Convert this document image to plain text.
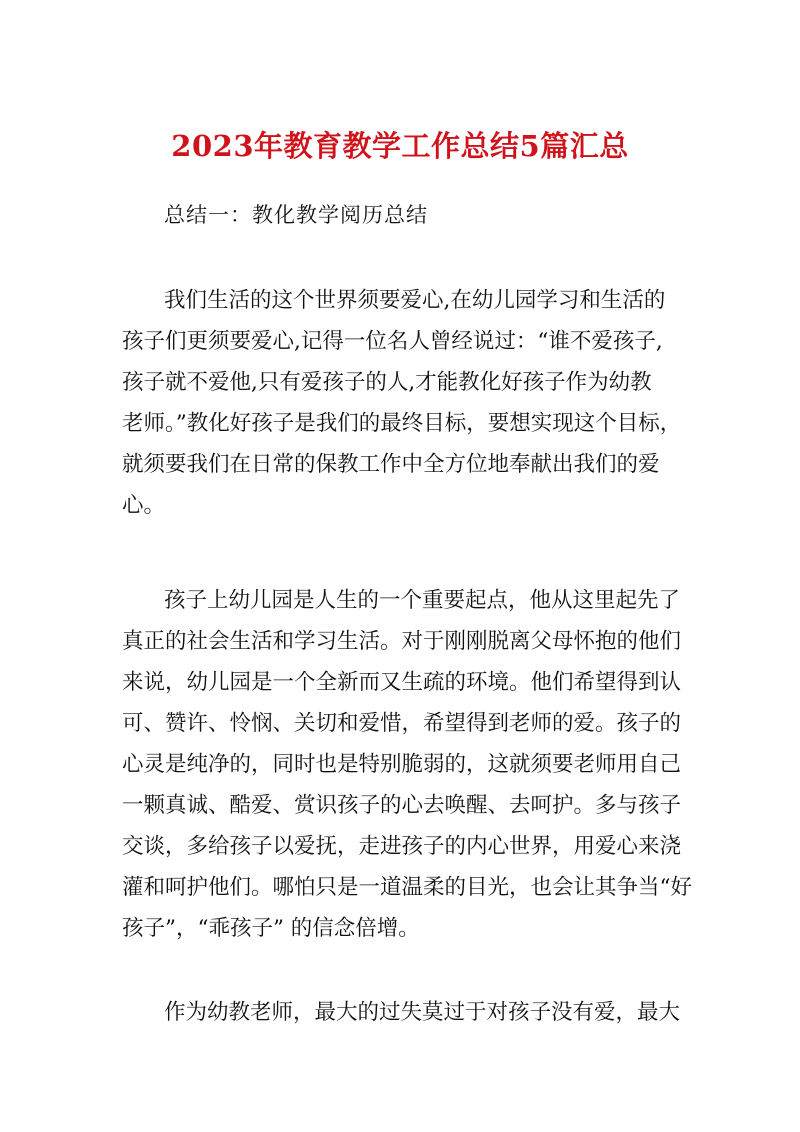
2023年教育教学工作总结5篇汇总
总结一：教化教学阅历总结
我们生活的这个世界须要爱心,在幼儿园学习和生活的
孩子们更须要爱心,记得一位名人曾经说过：“谁不爱孩子,
孩子就不爱他,只有爱孩子的人,才能教化好孩子作为幼教
老师。”教化好孩子是我们的最终目标，要想实现这个目标，
就须要我们在日常的保教工作中全方位地奉献出我们的爱
心。
孩子上幼儿园是人生的一个重要起点，他从这里起先了
真正的社会生活和学习生活。对于刚刚脱离父母怀抱的他们
来说，幼儿园是一个全新而又生疏的环境。他们希望得到认
可、赞许、怜悯、关切和爱惜，希望得到老师的爱。孩子的
心灵是纯净的，同时也是特别脆弱的，这就须要老师用自己
一颗真诚、酷爱、赏识孩子的心去唤醒、去呵护。多与孩子
交谈，多给孩子以爱抚，走进孩子的内心世界，用爱心来浇
灌和呵护他们。哪怕只是一道温柔的目光，也会让其争当“好
孩子”，“乖孩子” 的信念倍增。
作为幼教老师，最大的过失莫过于对孩子没有爱，最大
